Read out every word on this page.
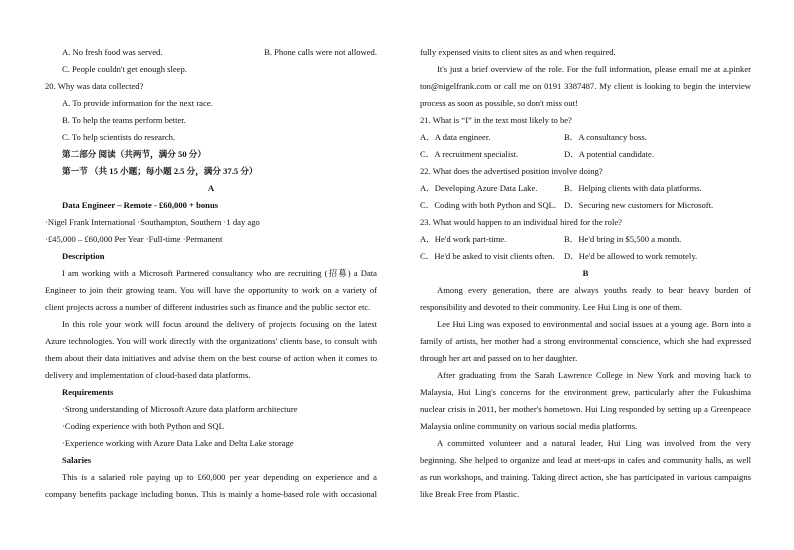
A. No fresh food was served.	B. Phone calls were not allowed.
C. People couldn't get enough sleep.
20. Why was data collected?
A. To provide information for the next race.
B. To help the teams perform better.
C. To help scientists do research.
第二部分 阅读（共两节，满分 50 分）
第一节 （共 15 小题；每小题 2.5 分，满分 37.5 分）
A
Data Engineer – Remote - £60,000 + bonus
·Nigel Frank International ·Southampton, Southern ·1 day ago
·£45,000 – £60,000 Per Year ·Full-time ·Permanent
Description
I am working with a Microsoft Partnered consultancy who are recruiting (招募) a Data
Engineer to join their growing team. You will have the opportunity to work on a variety of
client projects across a number of different industries such as finance and the public sector etc.
In this role your work will focus around the delivery of projects focusing on the latest
Azure technologies. You will work directly with the organizations' clients base, to consult with
them about their data initiatives and advise them on the best course of action when it comes to
delivery and implementation of cloud-based data platforms.
Requirements
·Strong understanding of Microsoft Azure data platform architecture
·Coding experience with both Python and SQL
·Experience working with Azure Data Lake and Delta Lake storage
Salaries
This is a salaried role paying up to £60,000 per year depending on experience and a
company benefits package including bonus. This is mainly a home-based role with occasional
fully expensed visits to client sites as and when required.
It's just a brief overview of the role. For the full information, please email me at a.pinker
ton@nigelfrank.com or call me on 0191 3387487. My client is looking to begin the interview
process as soon as possible, so don't miss out!
21. What is “I” in the text most likely to be?
A．A data engineer.	B．A consultancy boss.
C．A recruitment specialist.	D．A potential candidate.
22. What does the advertised position involve doing?
A．Developing Azure Data Lake.	B．Helping clients with data platforms.
C．Coding with both Python and SQL. D．Securing new customers for Microsoft.
23. What would happen to an individual hired for the role?
A．He'd work part-time.	B．He'd bring in $5,500 a month.
C．He'd be asked to visit clients often.	D．He'd be allowed to work remotely.
B
Among every generation, there are always youths ready to bear heavy burden of
responsibility and devoted to their community. Lee Hui Ling is one of them.
Lee Hui Ling was exposed to environmental and social issues at a young age. Born into a
family of artists, her mother had a strong environmental conscience, which she had expressed
through her art and passed on to her daughter.
After graduating from the Sarah Lawrence College in New York and moving back to
Malaysia, Hui Ling's concerns for the environment grew, particularly after the Fukushima
nuclear crisis in 2011, her mother's hometown. Hui Ling responded by setting up a Greenpeace
Malaysia online community on various social media platforms.
A committed volunteer and a natural leader, Hui Ling was involved from the very
beginning. She helped to organize and lead at meet-ups in cafes and community halls, as well
as run workshops, and training. Taking direct action, she has participated in various campaigns
like Break Free from Plastic.
